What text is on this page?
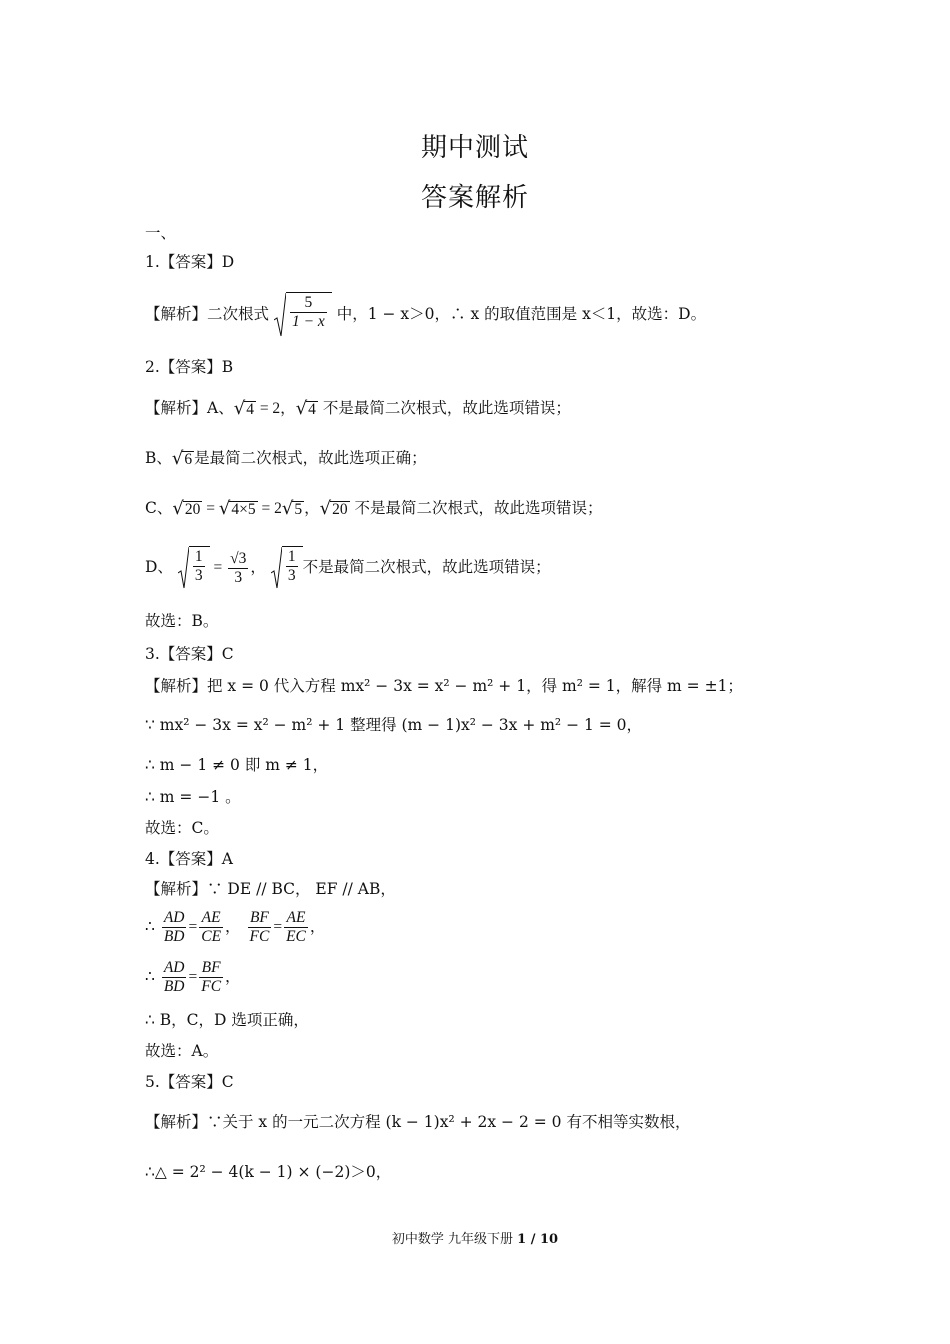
期中测试
答案解析
一、
1.【答案】D
【解析】二次根式 $\frac{5}{1 - x}$ 中，1 − x＞0，∴ x 的取值范围是 x＜1，故选：D。
2.【答案】B
【解析】A、√4 = 2，√4 不是最简二次根式，故此选项错误；
B、√6 是最简二次根式，故此选项正确；
C、√20 = √4×5 = 2√5 ，√20 不是最简二次根式，故此选项错误；
D、 $\frac{1}{3} = \frac{√3}{3}$ ， $\frac{1}{3}$ 不是最简二次根式，故此选项错误；
故选：B。
3.【答案】C
【解析】把 x = 0 代入方程 mx² − 3x = x² − m² + 1，得 m² = 1，解得 m = ±1；
∵ mx² − 3x = x² − m² + 1 整理得 (m − 1)x² − 3x + m² − 1 = 0，
∴ m − 1 ≠ 0 即 m ≠ 1，
∴ m = −1 。
故选：C。
4.【答案】A
【解析】∵ DE // BC， EF // AB，
∴ $\frac{AD}{BD} = \frac{AE}{CE}$ ， $\frac{BF}{FC} = \frac{AE}{EC}$ ，
∴ $\frac{AD}{BD} = \frac{BF}{FC}$ ，
∴ B，C，D 选项正确，
故选：A。
5.【答案】C
【解析】∵关于 x 的一元二次方程 (k − 1)x² + 2x − 2 = 0 有不相等实数根，
∴△ = 2² − 4(k − 1) × (−2)＞0，
初中数学 九年级下册 1 / 10
